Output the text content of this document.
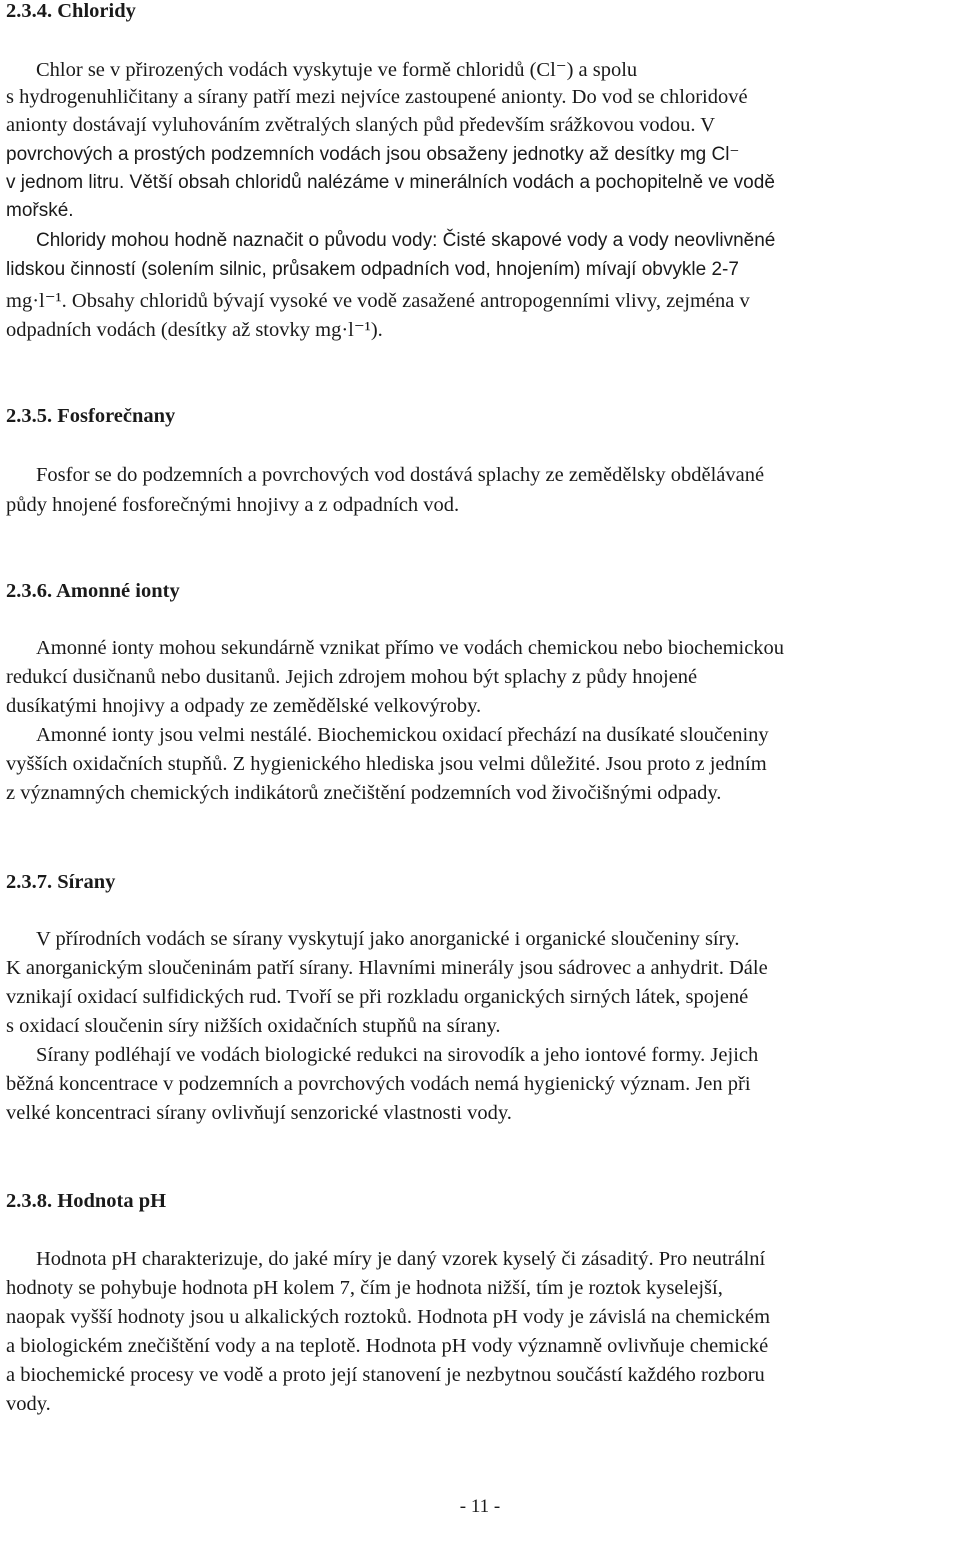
2.3.4. Chloridy

Chlor se v přirozených vodách vyskytuje ve formě chloridů (Cl⁻) a spolu

s hydrogenuhličitany a sírany patří mezi nejvíce zastoupené anionty. Do vod se chloridové

anionty dostávají vyluhováním zvětralých slaných půd především srážkovou vodou. V

povrchových a prostých podzemních vodách jsou obsaženy jednotky až desítky mg Cl⁻

v jednom litru. Větší obsah chloridů nalézáme v minerálních vodách a pochopitelně ve vodě

mořské.

Chloridy mohou hodně naznačit o původu vody: Čisté skapové vody a vody neovlivněné

lidskou činností (solením silnic, průsakem odpadních vod, hnojením) mívají obvykle 2-7

mg·l⁻¹. Obsahy chloridů bývají vysoké ve vodě zasažené antropogenními vlivy, zejména v

odpadních vodách (desítky až stovky mg·l⁻¹).

2.3.5. Fosforečnany

Fosfor se do podzemních a povrchových vod dostává splachy ze zemědělsky obdělávané

půdy hnojené fosforečnými hnojivy a z odpadních vod.

2.3.6. Amonné ionty

Amonné ionty mohou sekundárně vznikat přímo ve vodách chemickou nebo biochemickou

redukcí dusičnanů nebo dusitanů. Jejich zdrojem mohou být splachy z půdy hnojené

dusíkatými hnojivy a odpady ze zemědělské velkovýroby.

Amonné ionty jsou velmi nestálé. Biochemickou oxidací přechází na dusíkaté sloučeniny

vyšších oxidačních stupňů. Z hygienického hlediska jsou velmi důležité. Jsou proto z jedním

z významných chemických indikátorů znečištění podzemních vod živočišnými odpady.

2.3.7. Sírany

V přírodních vodách se sírany vyskytují jako anorganické i organické sloučeniny síry.

K anorganickým sloučeninám patří sírany. Hlavními minerály jsou sádrovec a anhydrit. Dále

vznikají oxidací sulfidických rud. Tvoří se při rozkladu organických sirných látek, spojené

s oxidací sloučenin síry nižších oxidačních stupňů na sírany.

Sírany podléhají ve vodách biologické redukci na sirovodík a jeho iontové formy. Jejich

běžná koncentrace v podzemních a povrchových vodách nemá hygienický význam. Jen při

velké koncentraci sírany ovlivňují senzorické vlastnosti vody.

2.3.8. Hodnota pH

Hodnota pH charakterizuje, do jaké míry je daný vzorek kyselý či zásaditý. Pro neutrální

hodnoty se pohybuje hodnota pH kolem 7, čím je hodnota nižší, tím je roztok kyselejší,

naopak vyšší hodnoty jsou u alkalických roztoků. Hodnota pH vody je závislá na chemickém

a biologickém znečištění vody a na teplotě. Hodnota pH vody významně ovlivňuje chemické

a biochemické procesy ve vodě a proto její stanovení je nezbytnou součástí každého rozboru

vody.

- 11 -
